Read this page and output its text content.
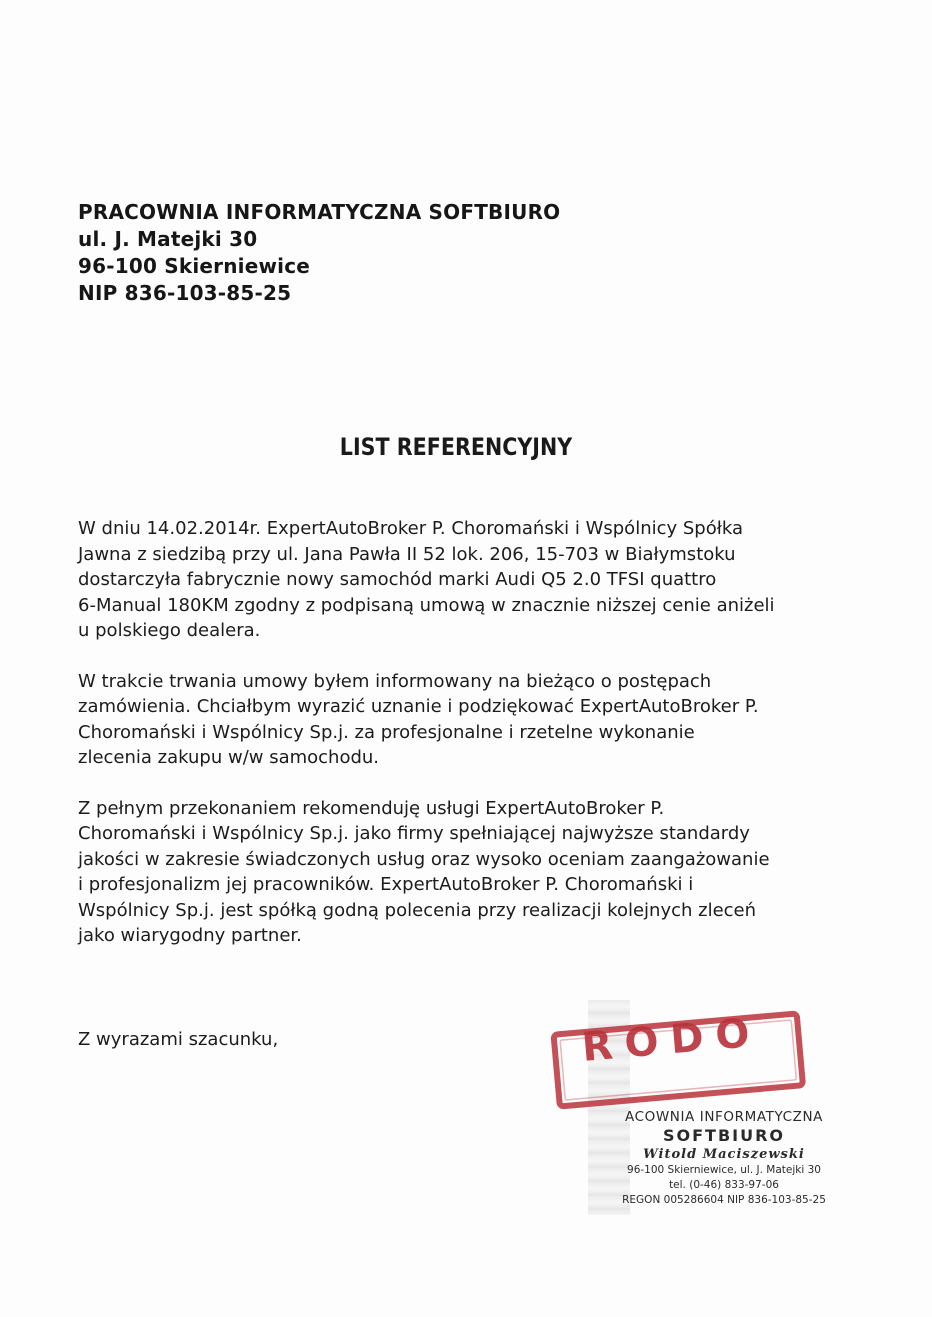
PRACOWNIA INFORMATYCZNA SOFTBIURO
ul. J. Matejki 30
96-100 Skierniewice
NIP 836-103-85-25
LIST REFERENCYJNY

W dniu 14.02.2014r. ExpertAutoBroker P. Choromański i Wspólnicy Spółka
Jawna z siedzibą przy ul. Jana Pawła II 52 lok. 206, 15-703 w Białymstoku
dostarczyła fabrycznie nowy samochód marki Audi Q5 2.0 TFSI quattro
6-Manual 180KM zgodny z podpisaną umową w znacznie niższej cenie aniżeli
u polskiego dealera.

W trakcie trwania umowy byłem informowany na bieżąco o postępach
zamówienia. Chciałbym wyrazić uznanie i podziękować ExpertAutoBroker P.
Choromański i Wspólnicy Sp.j. za profesjonalne i rzetelne wykonanie
zlecenia zakupu w/w samochodu.

Z pełnym przekonaniem rekomenduję usługi ExpertAutoBroker P.
Choromański i Wspólnicy Sp.j. jako firmy spełniającej najwyższe standardy
jakości w zakresie świadczonych usług oraz wysoko oceniam zaangażowanie
i profesjonalizm jej pracowników. ExpertAutoBroker P. Choromański i
Wspólnicy Sp.j. jest spółką godną polecenia przy realizacji kolejnych zleceń
jako wiarygodny partner.

Z wyrazami szacunku,	RODO
ACOWNIA INFORMATYCZNA
SOFTBIURO
Witold Maciszewski
96-100 Skierniewice, ul. J. Matejki 30
tel. (0-46) 833-97-06
REGON 005286604 NIP 836-103-85-25
